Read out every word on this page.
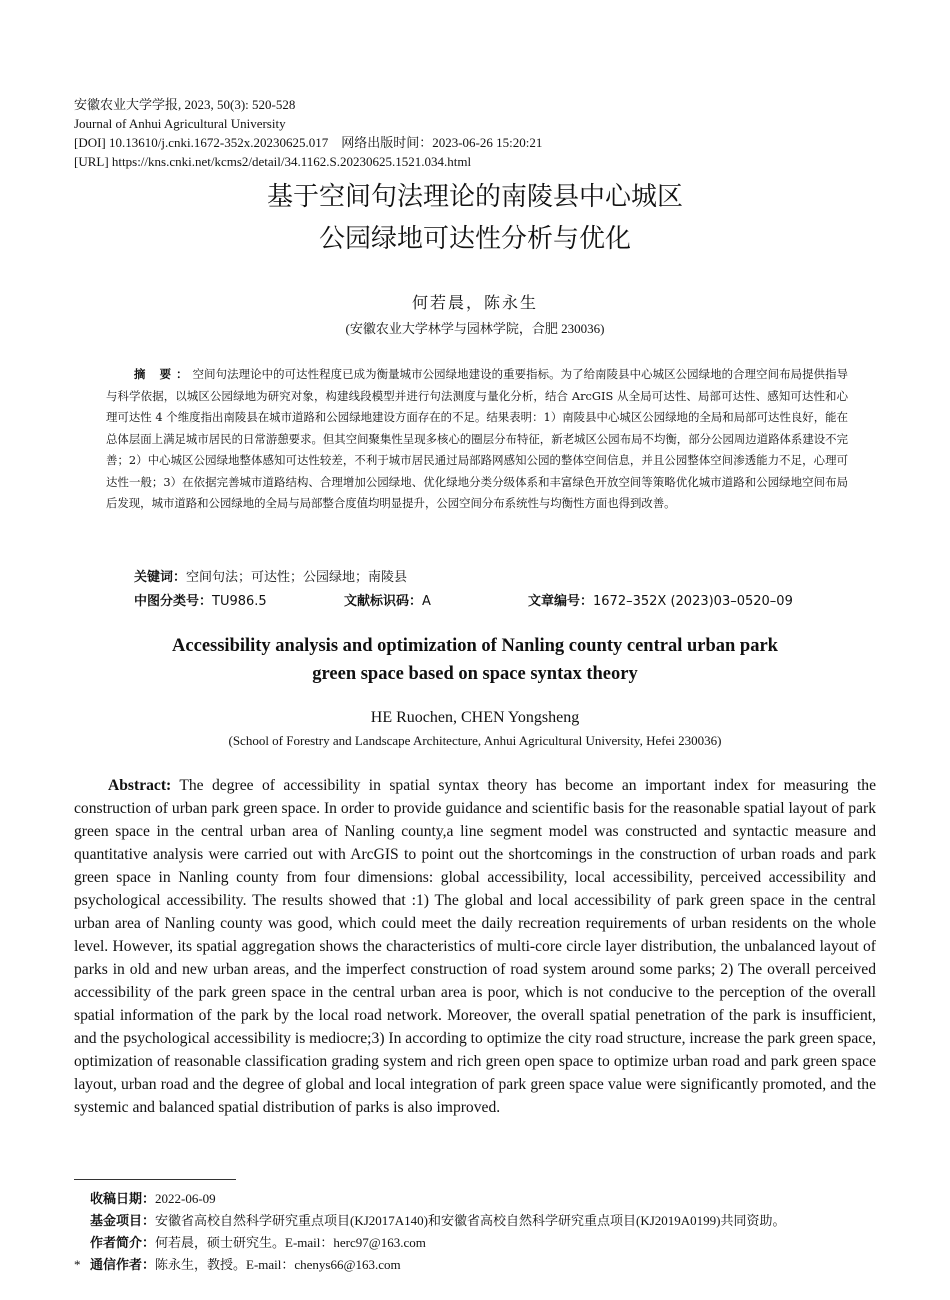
安徽农业大学学报, 2023, 50(3): 520-528
Journal of Anhui Agricultural University
[DOI] 10.13610/j.cnki.1672-352x.20230625.017 网络出版时间：2023-06-26 15:20:21
[URL] https://kns.cnki.net/kcms2/detail/34.1162.S.20230625.1521.034.html
基于空间句法理论的南陵县中心城区
公园绿地可达性分析与优化
何若晨，陈永生
(安徽农业大学林学与园林学院，合肥 230036)
摘 要：空间句法理论中的可达性程度已成为衡量城市公园绿地建设的重要指标。为了给南陵县中心城区公园绿地的合理空间布局提供指导与科学依据，以城区公园绿地为研究对象，构建线段模型并进行句法测度与量化分析，结合 ArcGIS 从全局可达性、局部可达性、感知可达性和心理可达性 4 个维度指出南陵县在城市道路和公园绿地建设方面存在的不足。结果表明：1）南陵县中心城区公园绿地的全局和局部可达性良好，能在总体层面上满足城市居民的日常游憩要求。但其空间聚集性呈现多核心的圈层分布特征，新老城区公园布局不均衡，部分公园周边道路体系建设不完善；2）中心城区公园绿地整体感知可达性较差，不利于城市居民通过局部路网感知公园的整体空间信息，并且公园整体空间渗透能力不足，心理可达性一般；3）在依据完善城市道路结构、合理增加公园绿地、优化绿地分类分级体系和丰富绿色开放空间等策略优化城市道路和公园绿地空间布局后发现，城市道路和公园绿地的全局与局部整合度值均明显提升，公园空间分布系统性与均衡性方面也得到改善。
关键词：空间句法；可达性；公园绿地；南陵县
中图分类号：TU986.5	文献标识码：A	文章编号：1672–352X (2023)03–0520–09
Accessibility analysis and optimization of Nanling county central urban park
green space based on space syntax theory
HE Ruochen, CHEN Yongsheng
(School of Forestry and Landscape Architecture, Anhui Agricultural University, Hefei 230036)
Abstract: The degree of accessibility in spatial syntax theory has become an important index for measuring the construction of urban park green space. In order to provide guidance and scientific basis for the reasonable spatial layout of park green space in the central urban area of Nanling county,a line segment model was constructed and syntactic measure and quantitative analysis were carried out with ArcGIS to point out the shortcomings in the construction of urban roads and park green space in Nanling county from four dimensions: global accessibility, local accessibility, perceived accessibility and psychological accessibility. The results showed that :1) The global and local accessibility of park green space in the central urban area of Nanling county was good, which could meet the daily recreation requirements of urban residents on the whole level. However, its spatial aggregation shows the characteristics of multi-core circle layer distribution, the unbalanced layout of parks in old and new urban areas, and the imperfect construction of road system around some parks; 2) The overall perceived accessibility of the park green space in the central urban area is poor, which is not conducive to the perception of the overall spatial information of the park by the local road network. Moreover, the overall spatial penetration of the park is insufficient, and the psychological accessibility is mediocre;3) In according to optimize the city road structure, increase the park green space, optimization of reasonable classification grading system and rich green open space to optimize urban road and park green space layout, urban road and the degree of global and local integration of park green space value were significantly promoted, and the systemic and balanced spatial distribution of parks is also improved.
收稿日期：2022-06-09
基金项目：安徽省高校自然科学研究重点项目(KJ2017A140)和安徽省高校自然科学研究重点项目(KJ2019A0199)共同资助。
作者简介：何若晨，硕士研究生。E-mail：herc97@163.com
* 通信作者：陈永生，教授。E-mail：chenys66@163.com
